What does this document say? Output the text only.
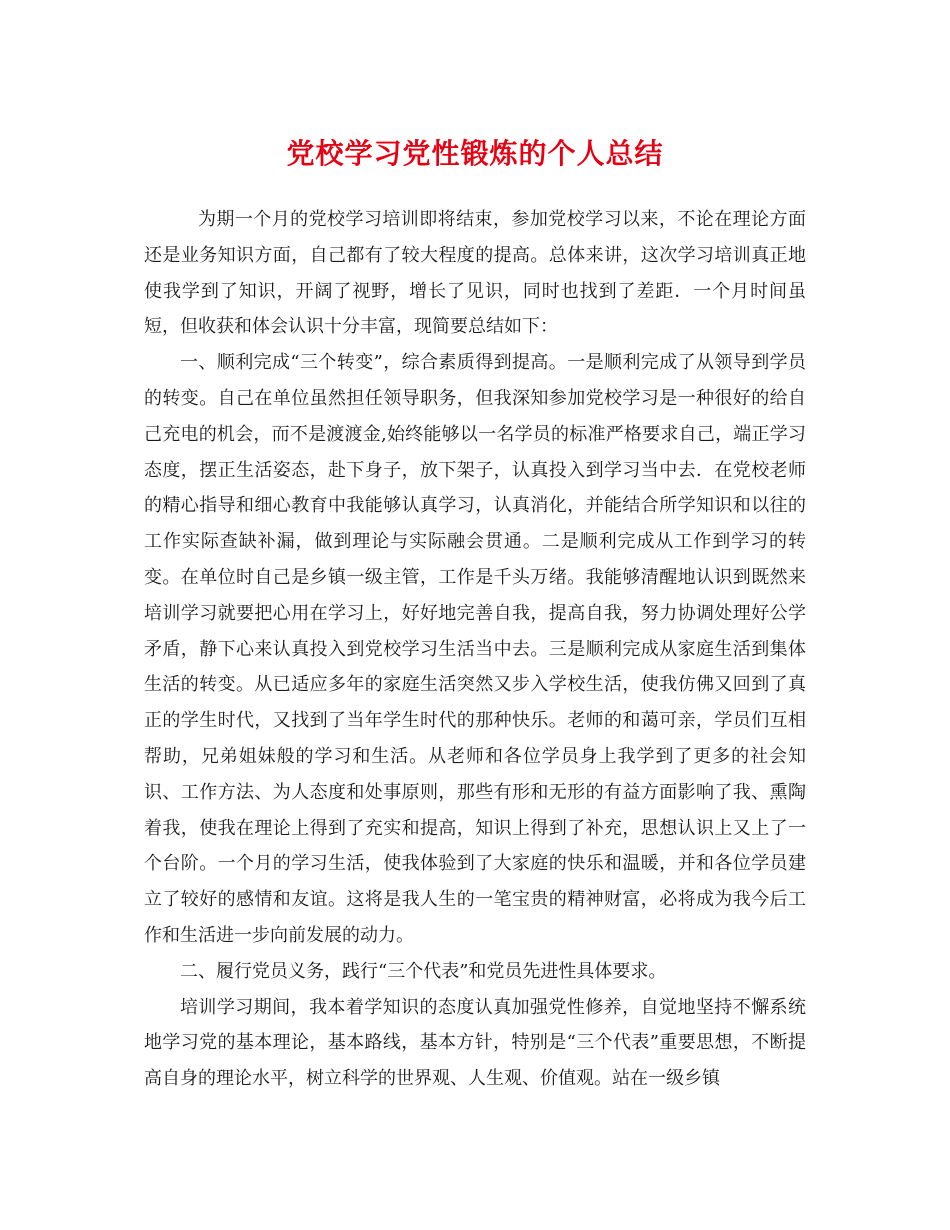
党校学习党性锻炼的个人总结

为期一个月的党校学习培训即将结束，参加党校学习以来，不论在理论方面还是业务知识方面，自己都有了较大程度的提高。总体来讲，这次学习培训真正地使我学到了知识，开阔了视野，增长了见识，同时也找到了差距．一个月时间虽短，但收获和体会认识十分丰富，现简要总结如下：

一、顺利完成“三个转变”，综合素质得到提高。一是顺利完成了从领导到学员的转变。自己在单位虽然担任领导职务，但我深知参加党校学习是一种很好的给自己充电的机会，而不是渡渡金,始终能够以一名学员的标准严格要求自己，端正学习态度，摆正生活姿态，赴下身子，放下架子，认真投入到学习当中去．在党校老师的精心指导和细心教育中我能够认真学习，认真消化，并能结合所学知识和以往的工作实际查缺补漏，做到理论与实际融会贯通。二是顺利完成从工作到学习的转变。在单位时自己是乡镇一级主管，工作是千头万绪。我能够清醒地认识到既然来培训学习就要把心用在学习上，好好地完善自我，提高自我，努力协调处理好公学矛盾，静下心来认真投入到党校学习生活当中去。三是顺利完成从家庭生活到集体生活的转变。从已适应多年的家庭生活突然又步入学校生活，使我仿佛又回到了真正的学生时代，又找到了当年学生时代的那种快乐。老师的和蔼可亲，学员们互相帮助，兄弟姐妹般的学习和生活。从老师和各位学员身上我学到了更多的社会知识、工作方法、为人态度和处事原则，那些有形和无形的有益方面影响了我、熏陶着我，使我在理论上得到了充实和提高，知识上得到了补充，思想认识上又上了一个台阶。一个月的学习生活，使我体验到了大家庭的快乐和温暖，并和各位学员建立了较好的感情和友谊。这将是我人生的一笔宝贵的精神财富，必将成为我今后工作和生活进一步向前发展的动力。

二、履行党员义务，践行“三个代表”和党员先进性具体要求。

培训学习期间，我本着学知识的态度认真加强党性修养，自觉地坚持不懈系统地学习党的基本理论，基本路线，基本方针，特别是“三个代表”重要思想，不断提高自身的理论水平，树立科学的世界观、人生观、价值观。站在一级乡镇
